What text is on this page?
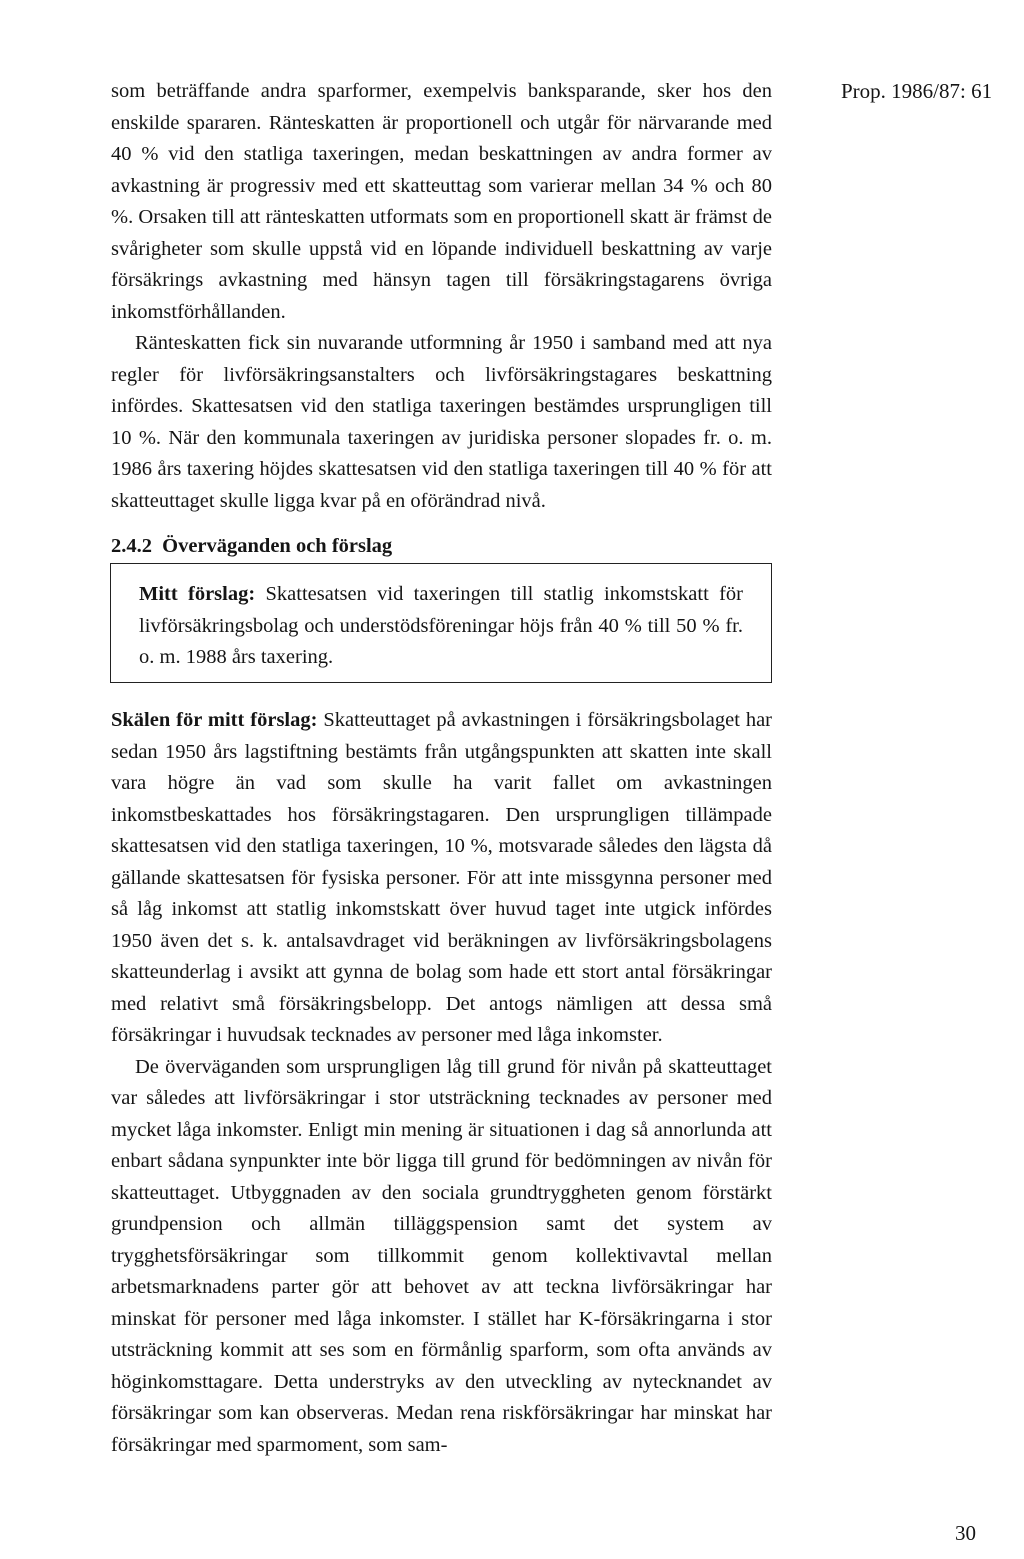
Prop. 1986/87: 61

som beträffande andra sparformer, exempelvis banksparande, sker hos den enskilde spararen. Ränteskatten är proportionell och utgår för närvarande med 40 % vid den statliga taxeringen, medan beskattningen av andra former av avkastning är progressiv med ett skatteuttag som varierar mellan 34 % och 80 %. Orsaken till att ränteskatten utformats som en proportionell skatt är främst de svårigheter som skulle uppstå vid en löpande individuell beskattning av varje försäkrings avkastning med hänsyn tagen till försäkringstagarens övriga inkomstförhållanden.

Ränteskatten fick sin nuvarande utformning år 1950 i samband med att nya regler för livförsäkringsanstalters och livförsäkringstagares beskattning infördes. Skattesatsen vid den statliga taxeringen bestämdes ursprungligen till 10 %. När den kommunala taxeringen av juridiska personer slopades fr. o. m. 1986 års taxering höjdes skattesatsen vid den statliga taxeringen till 40 % för att skatteuttaget skulle ligga kvar på en oförändrad nivå.

2.4.2 Överväganden och förslag
Mitt förslag: Skattesatsen vid taxeringen till statlig inkomstskatt för livförsäkringsbolag och understödsföreningar höjs från 40 % till 50 % fr. o. m. 1988 års taxering.

Skälen för mitt förslag: Skatteuttaget på avkastningen i försäkringsbolaget har sedan 1950 års lagstiftning bestämts från utgångspunkten att skatten inte skall vara högre än vad som skulle ha varit fallet om avkastningen inkomstbeskattades hos försäkringstagaren. Den ursprungligen tillämpade skattesatsen vid den statliga taxeringen, 10 %, motsvarade således den lägsta då gällande skattesatsen för fysiska personer. För att inte missgynna personer med så låg inkomst att statlig inkomstskatt över huvud taget inte utgick infördes 1950 även det s. k. antalsavdraget vid beräkningen av livförsäkringsbolagens skatteunderlag i avsikt att gynna de bolag som hade ett stort antal försäkringar med relativt små försäkringsbelopp. Det antogs nämligen att dessa små försäkringar i huvudsak tecknades av personer med låga inkomster.

De överväganden som ursprungligen låg till grund för nivån på skatteuttaget var således att livförsäkringar i stor utsträckning tecknades av personer med mycket låga inkomster. Enligt min mening är situationen i dag så annorlunda att enbart sådana synpunkter inte bör ligga till grund för bedömningen av nivån för skatteuttaget. Utbyggnaden av den sociala grundtryggheten genom förstärkt grundpension och allmän tilläggspension samt det system av trygghetsförsäkringar som tillkommit genom kollektivavtal mellan arbetsmarknadens parter gör att behovet av att teckna livförsäkringar har minskat för personer med låga inkomster. I stället har K-försäkringarna i stor utsträckning kommit att ses som en förmånlig sparform, som ofta används av höginkomsttagare. Detta understryks av den utveckling av nytecknandet av försäkringar som kan observeras. Medan rena riskförsäkringar har minskat har försäkringar med sparmoment, som sam-

30
